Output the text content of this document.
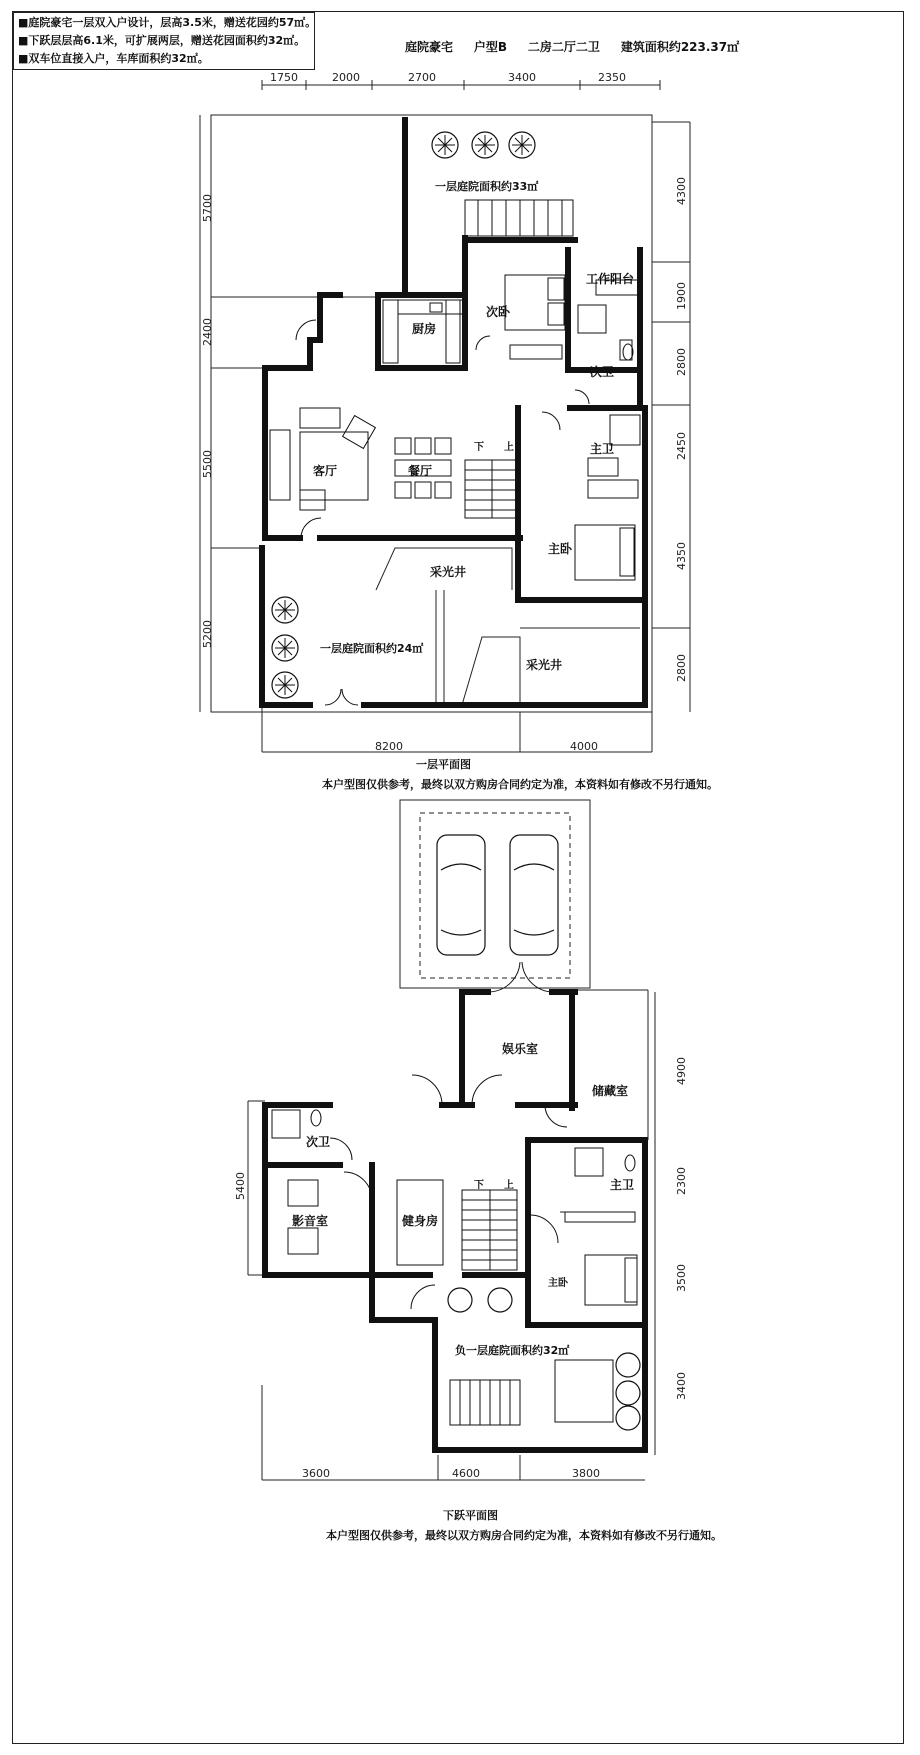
■庭院豪宅一层双入户设计，层高3.5米，赠送花园约57㎡。
■下跃层层高6.1米，可扩展两层，赠送花园面积约32㎡。
■双车位直接入户，车库面积约32㎡。
庭院豪宅     户型B     二房二厅二卫     建筑面积约223.37㎡
1750	2000	2700	3400	2350
5700
2400
5500
5200
4300
1900
2800
2450
4350
2800
8200	4000
一层庭院面积约33㎡
次卧
工作阳台
厨房
次卫
客厅	餐厅
下 上	主卫
主卧
采光井
一层庭院面积约24㎡
采光井
一层平面图
本户型图仅供参考，最终以双方购房合同约定为准，本资料如有修改不另行通知。
5400
4900
2300
3500
3400
3600	4600	3800
娱乐室
储藏室
次卫
主卫
影音室	健身房
下 上
主卧
负一层庭院面积约32㎡
下跃平面图
本户型图仅供参考，最终以双方购房合同约定为准，本资料如有修改不另行通知。
